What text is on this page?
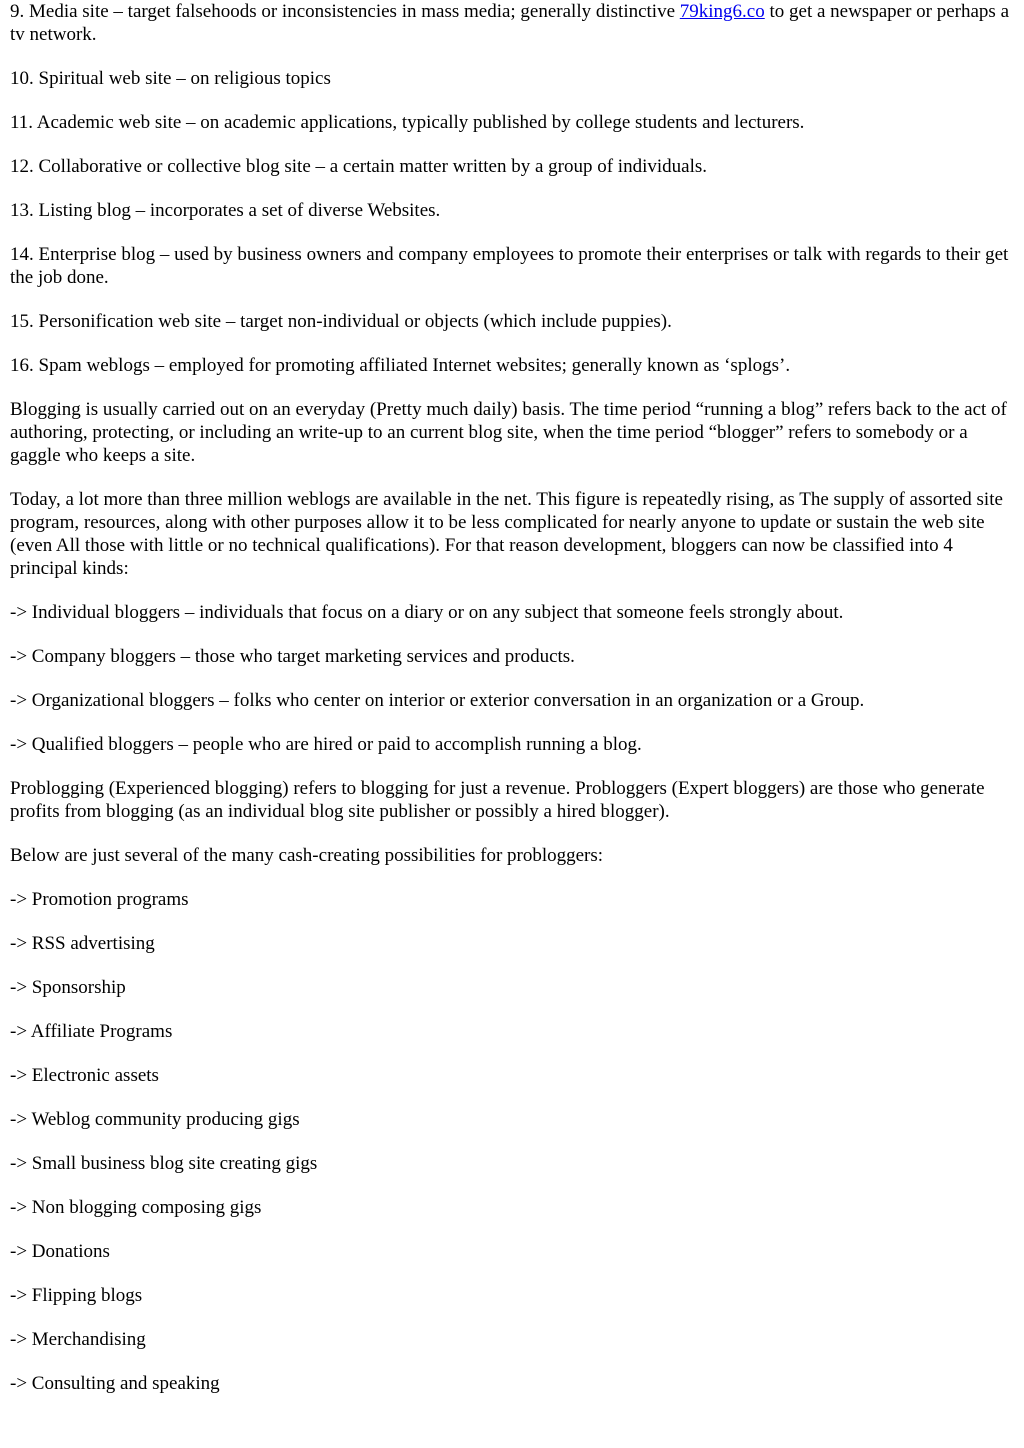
9. Media site – target falsehoods or inconsistencies in mass media; generally distinctive 79king6.co to get a newspaper or perhaps a tv network.

10. Spiritual web site – on religious topics

11. Academic web site – on academic applications, typically published by college students and lecturers.

12. Collaborative or collective blog site – a certain matter written by a group of individuals.

13. Listing blog – incorporates a set of diverse Websites.

14. Enterprise blog – used by business owners and company employees to promote their enterprises or talk with regards to their get the job done.

15. Personification web site – target non-individual or objects (which include puppies).

16. Spam weblogs – employed for promoting affiliated Internet websites; generally known as ‘splogs’.

Blogging is usually carried out on an everyday (Pretty much daily) basis. The time period “running a blog” refers back to the act of authoring, protecting, or including an write-up to an current blog site, when the time period “blogger” refers to somebody or a gaggle who keeps a site.

Today, a lot more than three million weblogs are available in the net. This figure is repeatedly rising, as The supply of assorted site program, resources, along with other purposes allow it to be less complicated for nearly anyone to update or sustain the web site (even All those with little or no technical qualifications). For that reason development, bloggers can now be classified into 4 principal kinds:

-> Individual bloggers – individuals that focus on a diary or on any subject that someone feels strongly about.

-> Company bloggers – those who target marketing services and products.

-> Organizational bloggers – folks who center on interior or exterior conversation in an organization or a Group.

-> Qualified bloggers – people who are hired or paid to accomplish running a blog.

Problogging (Experienced blogging) refers to blogging for just a revenue. Probloggers (Expert bloggers) are those who generate profits from blogging (as an individual blog site publisher or possibly a hired blogger).

Below are just several of the many cash-creating possibilities for probloggers:

-> Promotion programs

-> RSS advertising

-> Sponsorship

-> Affiliate Programs

-> Electronic assets

-> Weblog community producing gigs

-> Small business blog site creating gigs

-> Non blogging composing gigs

-> Donations

-> Flipping blogs

-> Merchandising

-> Consulting and speaking
